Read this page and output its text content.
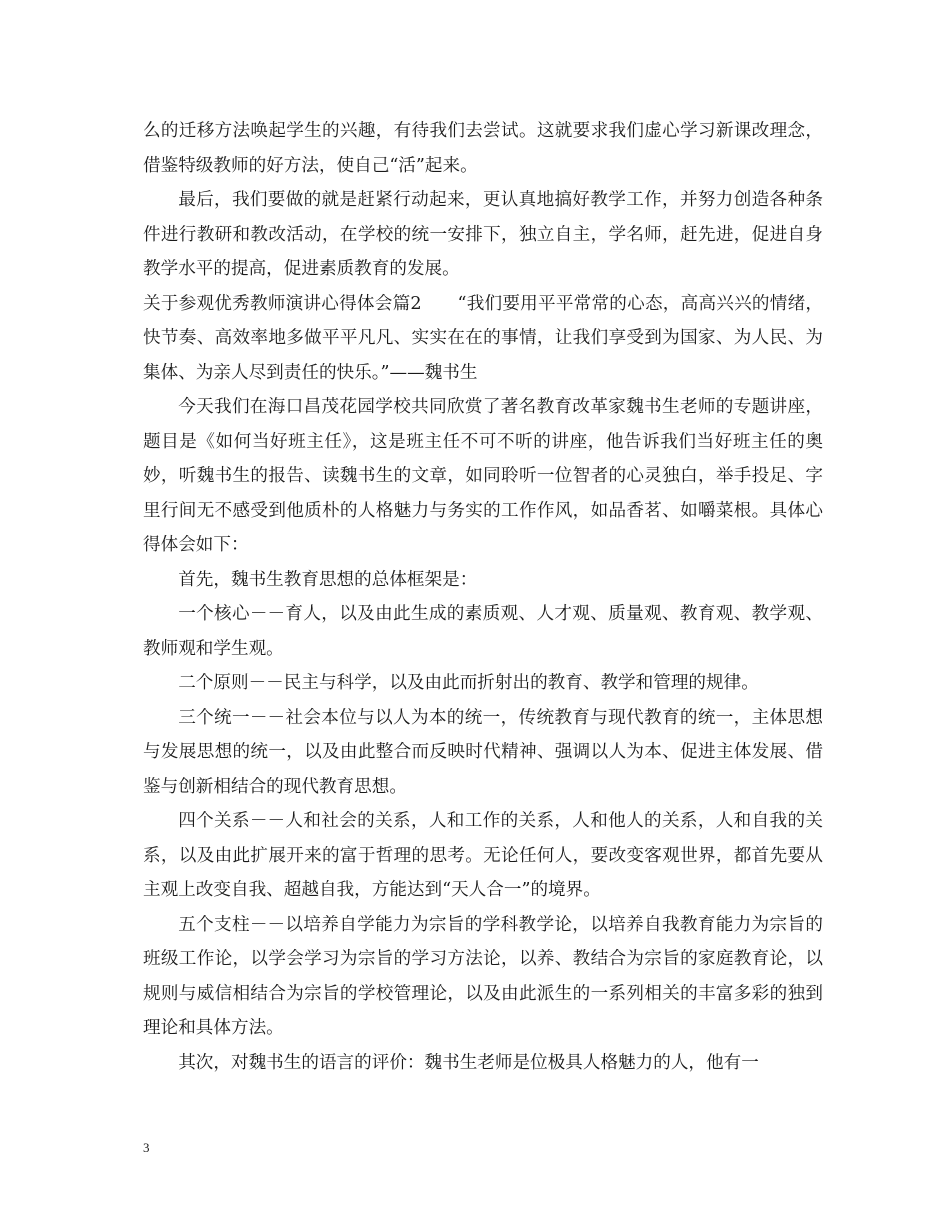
么的迁移方法唤起学生的兴趣，有待我们去尝试。这就要求我们虚心学习新课改理念，借鉴特级教师的好方法，使自己“活”起来。

最后，我们要做的就是赶紧行动起来，更认真地搞好教学工作，并努力创造各种条件进行教研和教改活动，在学校的统一安排下，独立自主，学名师，赶先进，促进自身教学水平的提高，促进素质教育的发展。

关于参观优秀教师演讲心得体会篇2　　“我们要用平平常常的心态，高高兴兴的情绪，快节奏、高效率地多做平平凡凡、实实在在的事情，让我们享受到为国家、为人民、为集体、为亲人尽到责任的快乐。”——魏书生

今天我们在海口昌茂花园学校共同欣赏了著名教育改革家魏书生老师的专题讲座，题目是《如何当好班主任》，这是班主任不可不听的讲座，他告诉我们当好班主任的奥妙，听魏书生的报告、读魏书生的文章，如同聆听一位智者的心灵独白，举手投足、字里行间无不感受到他质朴的人格魅力与务实的工作作风，如品香茗、如嚼菜根。具体心得体会如下：

首先，魏书生教育思想的总体框架是：

一个核心－－育人，以及由此生成的素质观、人才观、质量观、教育观、教学观、教师观和学生观。

二个原则－－民主与科学，以及由此而折射出的教育、教学和管理的规律。

三个统一－－社会本位与以人为本的统一，传统教育与现代教育的统一，主体思想与发展思想的统一，以及由此整合而反映时代精神、强调以人为本、促进主体发展、借鉴与创新相结合的现代教育思想。

四个关系－－人和社会的关系，人和工作的关系，人和他人的关系，人和自我的关系，以及由此扩展开来的富于哲理的思考。无论任何人，要改变客观世界，都首先要从主观上改变自我、超越自我，方能达到“天人合一”的境界。

五个支柱－－以培养自学能力为宗旨的学科教学论，以培养自我教育能力为宗旨的班级工作论，以学会学习为宗旨的学习方法论，以养、教结合为宗旨的家庭教育论，以规则与威信相结合为宗旨的学校管理论，以及由此派生的一系列相关的丰富多彩的独到理论和具体方法。

其次，对魏书生的语言的评价：魏书生老师是位极具人格魅力的人，他有一

3
